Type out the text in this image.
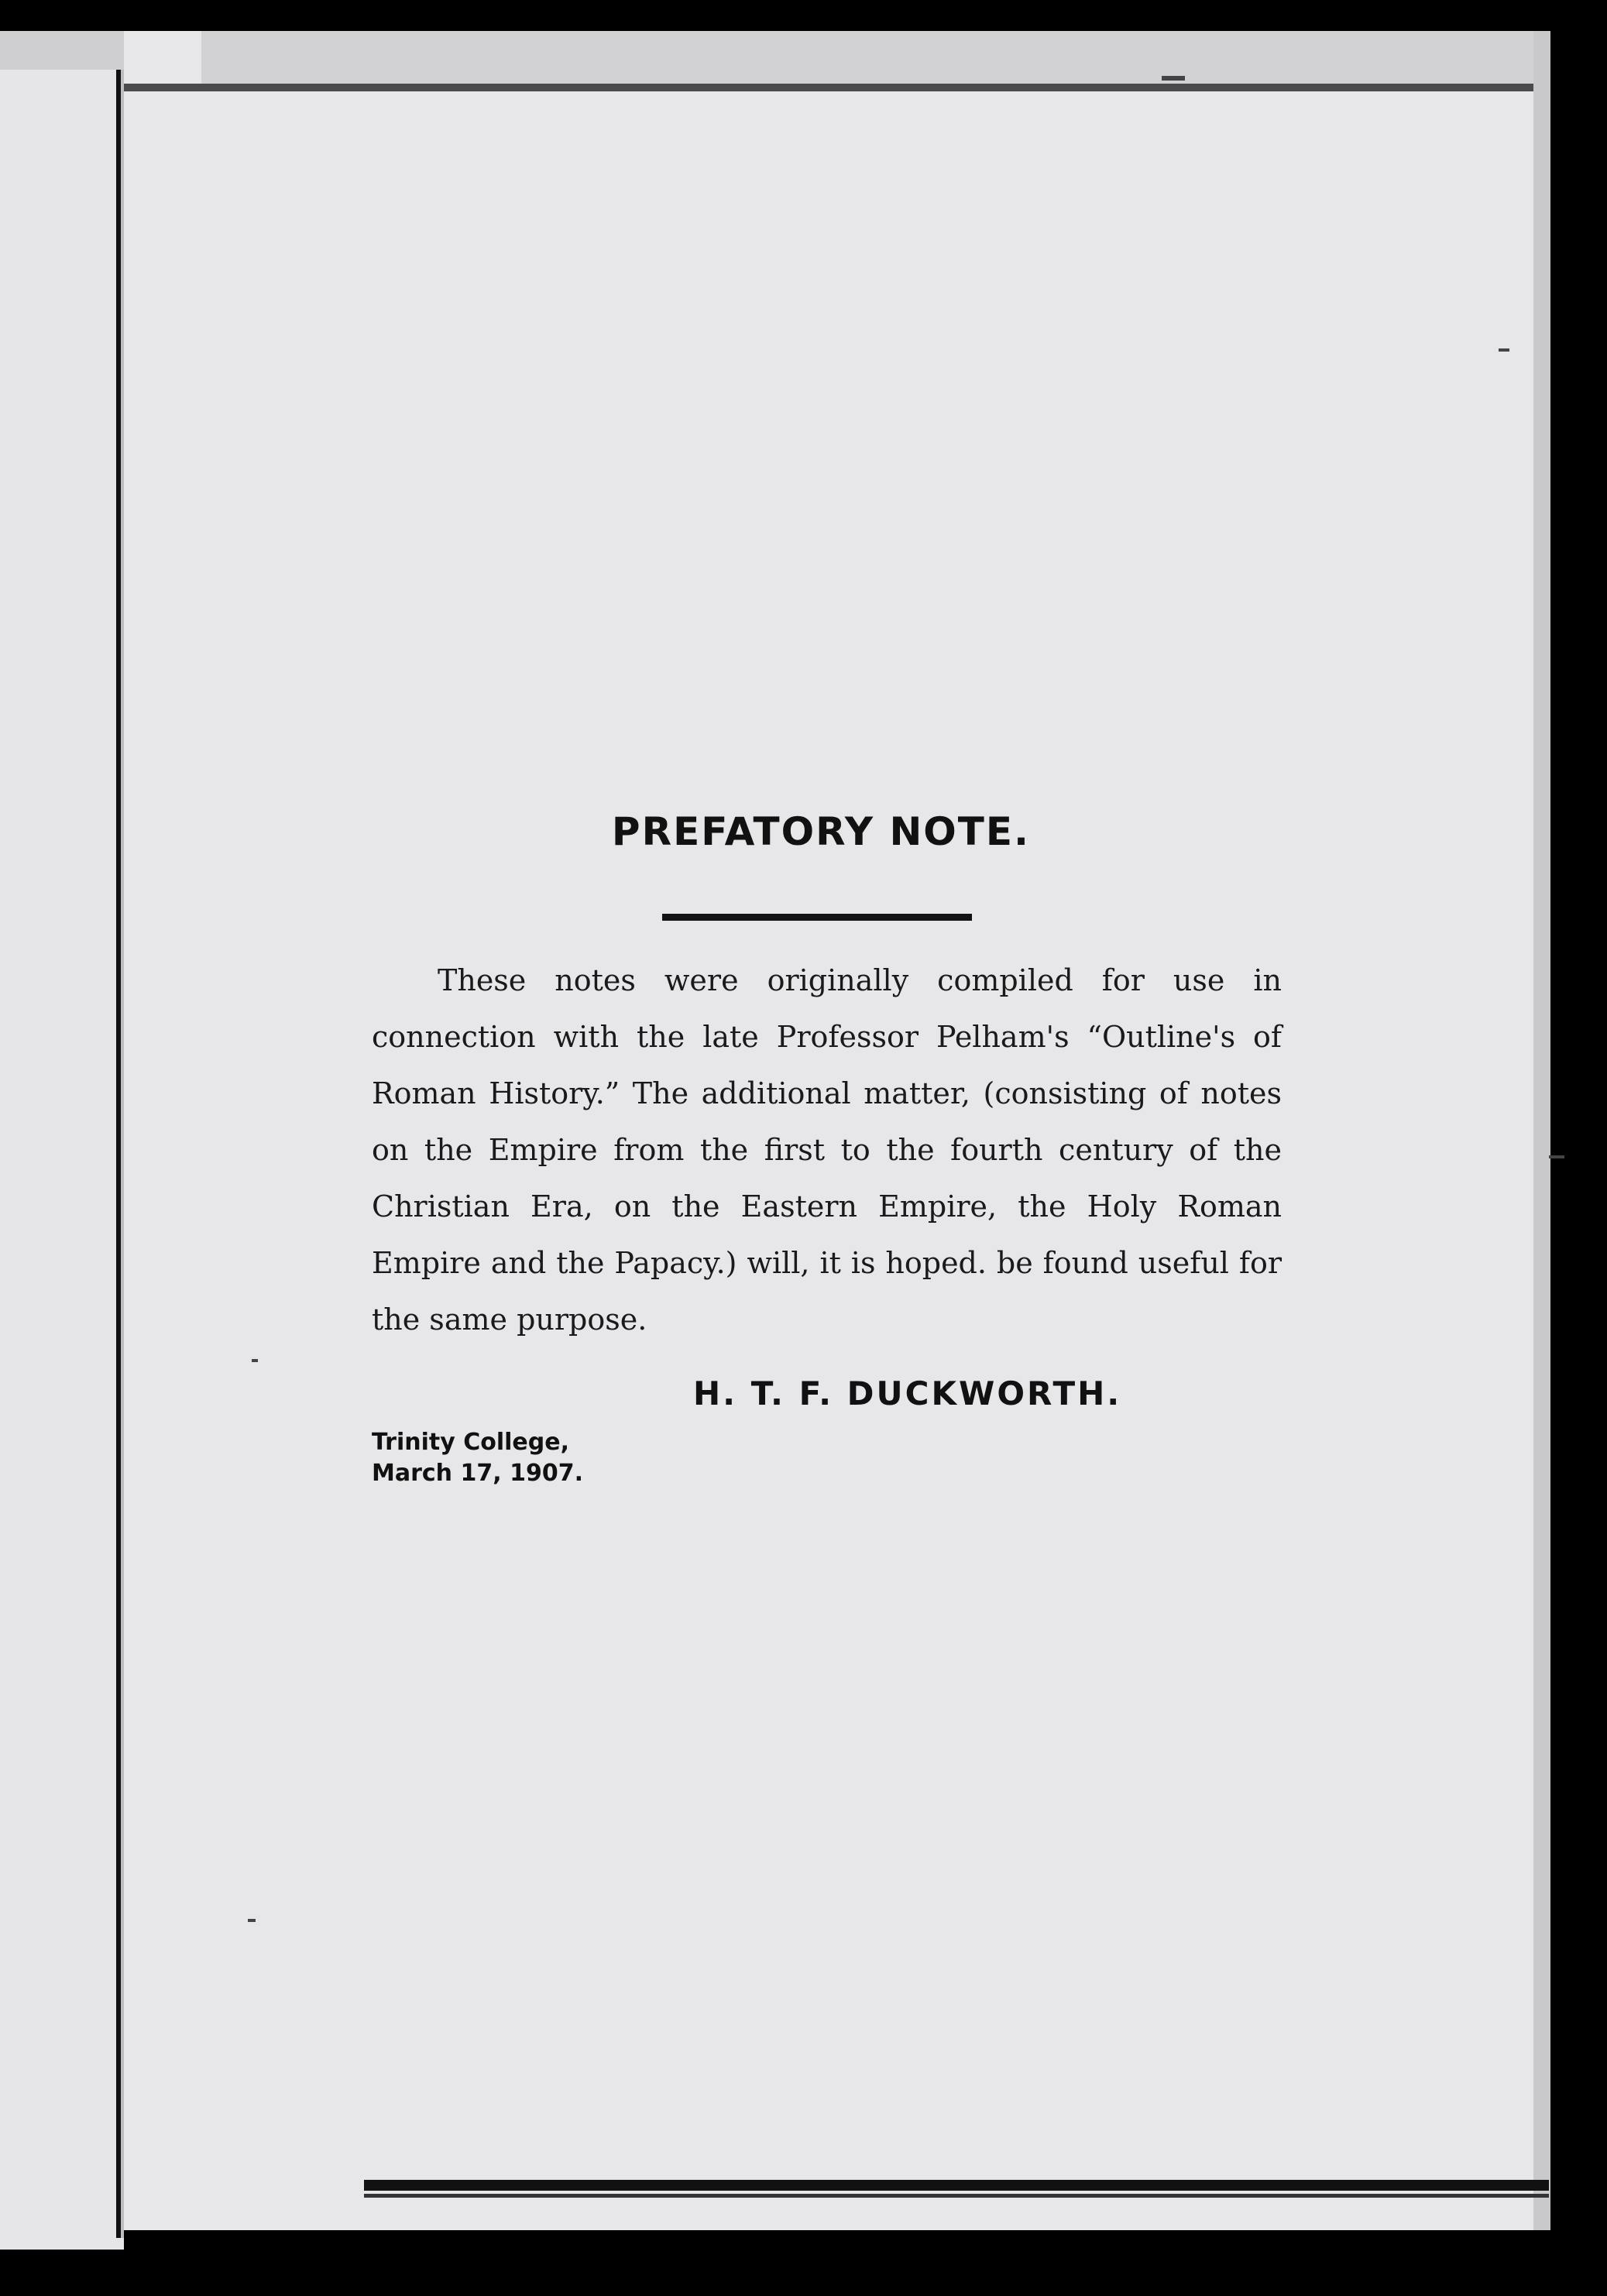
PREFATORY NOTE.
These notes were originally compiled for use in connection with the late Professor Pelham's “Outline's of Roman History.” The additional matter, (consisting of notes on the Empire from the first to the fourth century of the Christian Era, on the Eastern Empire, the Holy Roman Empire and the Papacy.) will, it is hoped. be found useful for the same purpose.
H. T. F. DUCKWORTH.
Trinity College,
March 17, 1907.
